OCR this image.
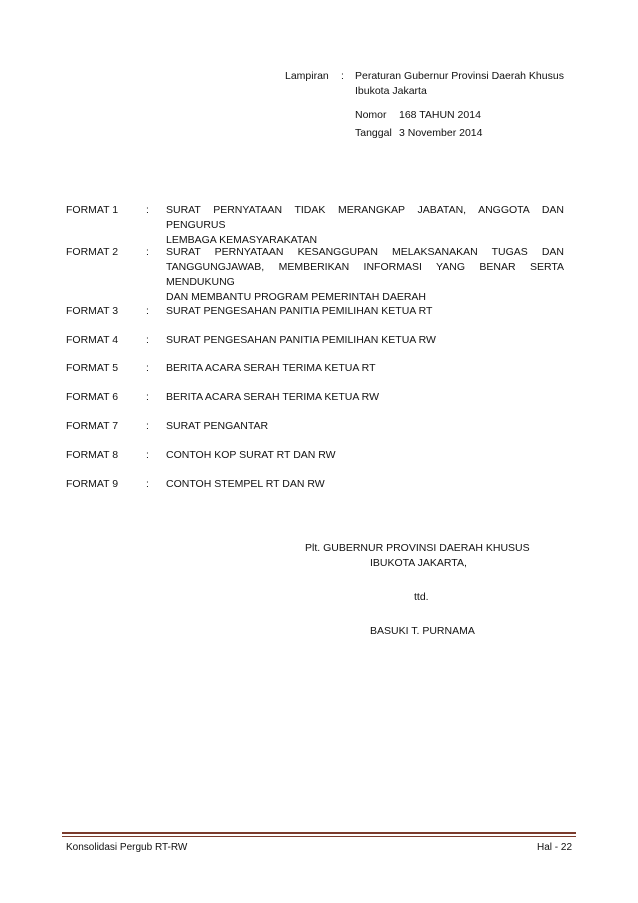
Lampiran	:	Peraturan Gubernur Provinsi Daerah Khusus
Ibukota Jakarta
Nomor	168 TAHUN 2014
Tanggal 3 November 2014
FORMAT 1	:	SURAT PERNYATAAN TIDAK MERANGKAP JABATAN, ANGGOTA DAN PENGURUS
LEMBAGA KEMASYARAKATAN
FORMAT 2	:	SURAT PERNYATAAN KESANGGUPAN MELAKSANAKAN TUGAS DAN
TANGGUNGJAWAB, MEMBERIKAN INFORMASI YANG BENAR SERTA MENDUKUNG
DAN MEMBANTU PROGRAM PEMERINTAH DAERAH
FORMAT 3	:	SURAT PENGESAHAN PANITIA PEMILIHAN KETUA RT
FORMAT 4	:	SURAT PENGESAHAN PANITIA PEMILIHAN KETUA RW
FORMAT 5	:	BERITA ACARA SERAH TERIMA KETUA RT
FORMAT 6	:	BERITA ACARA SERAH TERIMA KETUA RW
FORMAT 7	:	SURAT PENGANTAR
FORMAT 8	:	CONTOH KOP SURAT RT DAN RW
FORMAT 9	:	CONTOH STEMPEL RT DAN RW
Plt. GUBERNUR PROVINSI DAERAH KHUSUS
IBUKOTA JAKARTA,
ttd.
BASUKI T. PURNAMA
Konsolidasi Pergub RT-RW	Hal - 22
